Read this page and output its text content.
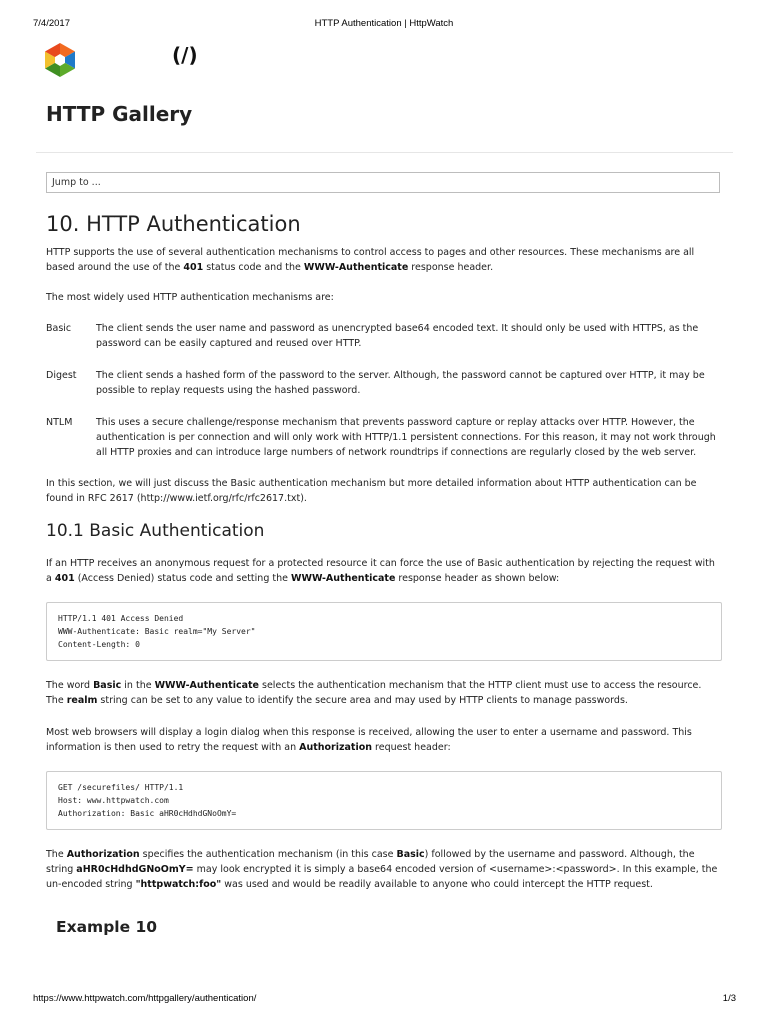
7/4/2017	HTTP Authentication | HttpWatch
(/)
HTTP Gallery
Jump to ...
10. HTTP Authentication

HTTP supports the use of several authentication mechanisms to control access to pages and other resources. These mechanisms are all based around the use of the 401 status code and the WWW-Authenticate response header.

The most widely used HTTP authentication mechanisms are:

Basic	The client sends the user name and password as unencrypted base64 encoded text. It should only be used with HTTPS, as the password can be easily captured and reused over HTTP.
Digest	The client sends a hashed form of the password to the server. Although, the password cannot be captured over HTTP, it may be possible to replay requests using the hashed password.
NTLM	This uses a secure challenge/response mechanism that prevents password capture or replay attacks over HTTP. However, the authentication is per connection and will only work with HTTP/1.1 persistent connections. For this reason, it may not work through all HTTP proxies and can introduce large numbers of network roundtrips if connections are regularly closed by the web server.

In this section, we will just discuss the Basic authentication mechanism but more detailed information about HTTP authentication can be found in RFC 2617 (http://www.ietf.org/rfc/rfc2617.txt).

10.1 Basic Authentication

If an HTTP receives an anonymous request for a protected resource it can force the use of Basic authentication by rejecting the request with a 401 (Access Denied) status code and setting the WWW-Authenticate response header as shown below:

HTTP/1.1 401 Access Denied
WWW-Authenticate: Basic realm="My Server"
Content-Length: 0

The word Basic in the WWW-Authenticate selects the authentication mechanism that the HTTP client must use to access the resource. The realm string can be set to any value to identify the secure area and may used by HTTP clients to manage passwords.

Most web browsers will display a login dialog when this response is received, allowing the user to enter a username and password. This information is then used to retry the request with an Authorization request header:

GET /securefiles/ HTTP/1.1
Host: www.httpwatch.com
Authorization: Basic aHR0cHdhdGNoOmY=

The Authorization specifies the authentication mechanism (in this case Basic) followed by the username and password. Although, the string aHR0cHdhdGNoOmY= may look encrypted it is simply a base64 encoded version of <username>:<password>. In this example, the un-encoded string "httpwatch:foo" was used and would be readily available to anyone who could intercept the HTTP request.

Example 10
https://www.httpwatch.com/httpgallery/authentication/	1/3
